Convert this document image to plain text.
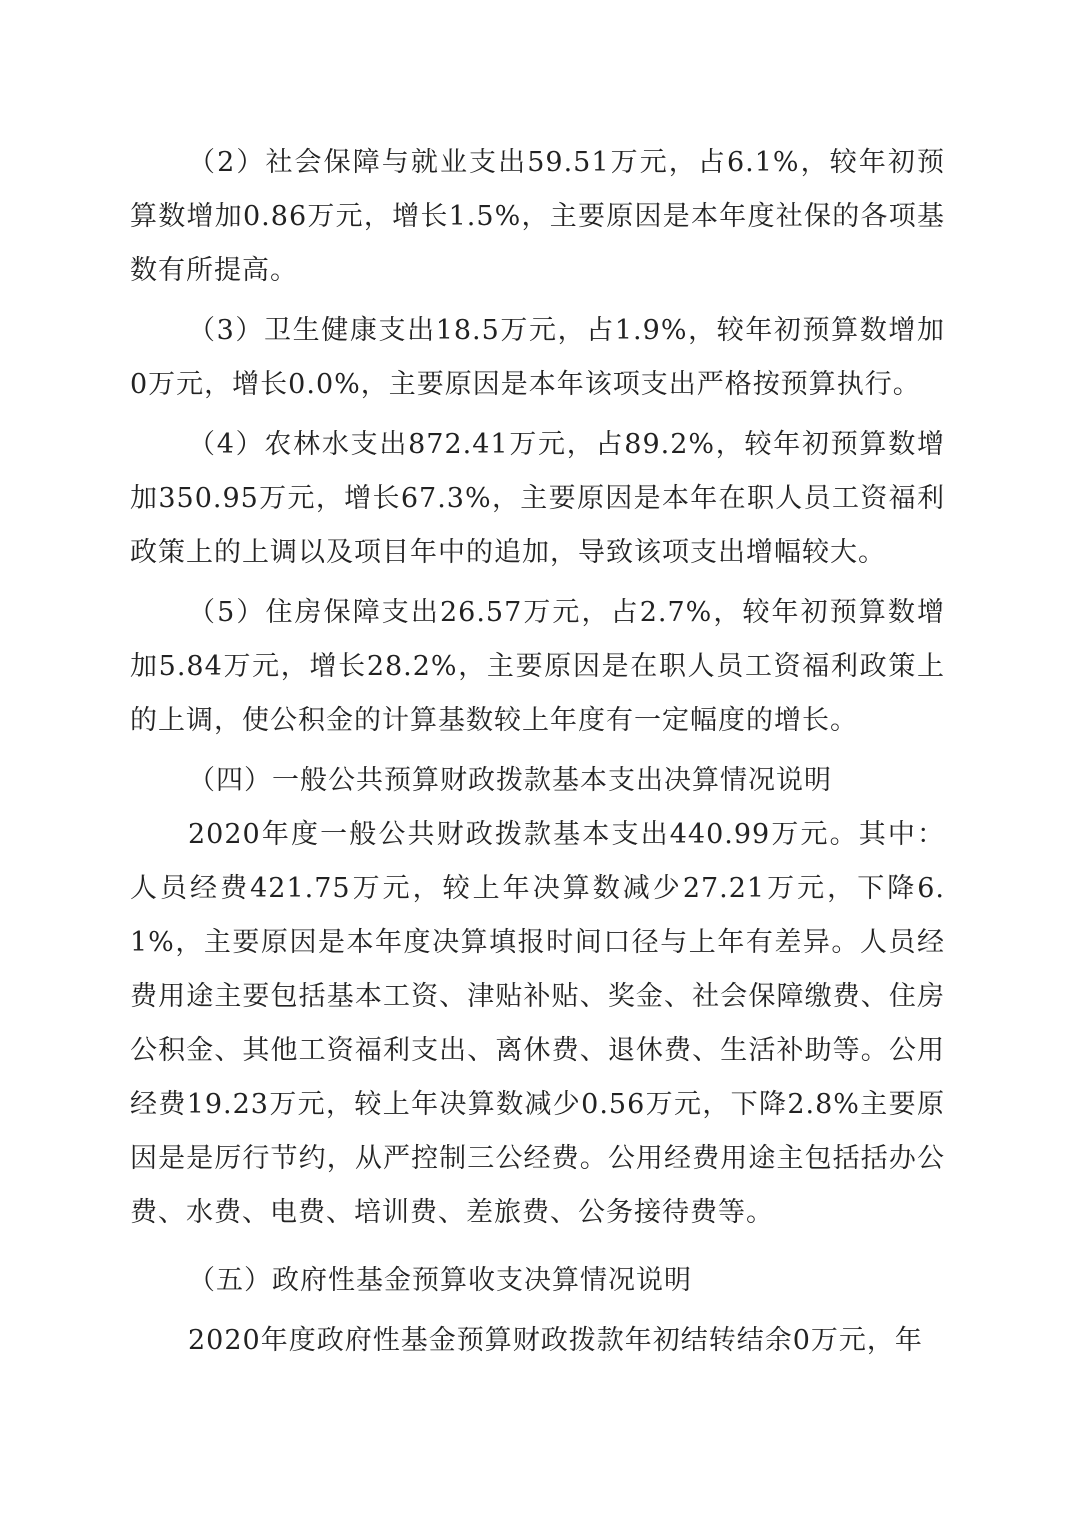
（2）社会保障与就业支出59.51万元，占6.1%，较年初预算数增加0.86万元，增长1.5%，主要原因是本年度社保的各项基数有所提高。

（3）卫生健康支出18.5万元，占1.9%，较年初预算数增加0万元，增长0.0%，主要原因是本年该项支出严格按预算执行。

（4）农林水支出872.41万元，占89.2%，较年初预算数增加350.95万元，增长67.3%，主要原因是本年在职人员工资福利政策上的上调以及项目年中的追加，导致该项支出增幅较大。

（5）住房保障支出26.57万元，占2.7%，较年初预算数增加5.84万元，增长28.2%，主要原因是在职人员工资福利政策上的上调，使公积金的计算基数较上年度有一定幅度的增长。

（四）一般公共预算财政拨款基本支出决算情况说明

2020年度一般公共财政拨款基本支出440.99万元。其中：人员经费421.75万元，较上年决算数减少27.21万元，下降6.1%，主要原因是本年度决算填报时间口径与上年有差异。人员经费用途主要包括基本工资、津贴补贴、奖金、社会保障缴费、住房公积金、其他工资福利支出、离休费、退休费、生活补助等。公用经费19.23万元，较上年决算数减少0.56万元，下降2.8%主要原因是是厉行节约，从严控制三公经费。公用经费用途主包括括办公费、水费、电费、培训费、差旅费、公务接待费等。

（五）政府性基金预算收支决算情况说明

2020年度政府性基金预算财政拨款年初结转结余0万元，年
